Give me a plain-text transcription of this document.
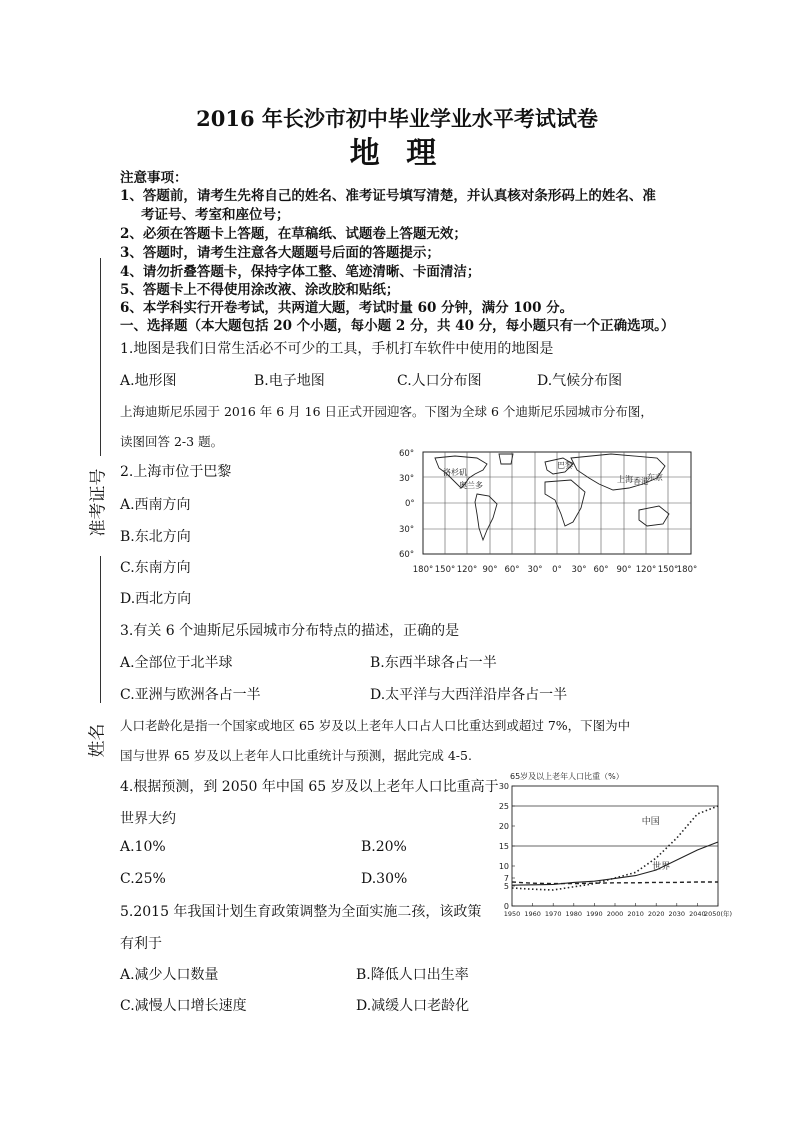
2016 年长沙市初中毕业学业水平考试试卷
地 理
准考证号
姓名
注意事项：
1、答题前，请考生先将自己的姓名、准考证号填写清楚，并认真核对条形码上的姓名、准
考证号、考室和座位号；
2、必须在答题卡上答题，在草稿纸、试题卷上答题无效；
3、答题时，请考生注意各大题题号后面的答题提示；
4、请勿折叠答题卡，保持字体工整、笔迹清晰、卡面清洁；
5、答题卡上不得使用涂改液、涂改胶和贴纸；
6、本学科实行开卷考试，共两道大题，考试时量 60 分钟，满分 100 分。
一、选择题（本大题包括 20 个小题，每小题 2 分，共 40 分，每小题只有一个正确选项。）
1.地图是我们日常生活必不可少的工具，手机打车软件中使用的地图是
A.地形图	B.电子地图	C.人口分布图	D.气候分布图
上海迪斯尼乐园于 2016 年 6 月 16 日正式开园迎客。下图为全球 6 个迪斯尼乐园城市分布图，
读图回答 2-3 题。
2.上海市位于巴黎
A.西南方向
B.东北方向
C.东南方向
D.西北方向
洛杉矶
奥兰多
巴黎
上海 东京
香港
60°
30°
0°
30°
60°
180° 150° 120° 90° 60° 30° 0° 30° 60° 90° 120° 150°
180°
3.有关 6 个迪斯尼乐园城市分布特点的描述，正确的是
A.全部位于北半球	B.东西半球各占一半
C.亚洲与欧洲各占一半	D.太平洋与大西洋沿岸各占一半
人口老龄化是指一个国家或地区 65 岁及以上老年人口占人口比重达到或超过 7%，下图为中
国与世界 65 岁及以上老年人口比重统计与预测，据此完成 4-5.
4.根据预测，到 2050 年中国 65 岁及以上老年人口比重高于
世界大约
A.10%	B.20%
C.25%	D.30%
5.2015 年我国计划生育政策调整为全面实施二孩，该政策
有利于
A.减少人口数量	B.降低人口出生率
C.减慢人口增长速度	D.减缓人口老龄化
65岁及以上老年人口比重（%）
0
5
7
10
15
20
25
30
1950 1960 1970 1980 1990 2000 2010 2020 2030 2040
2050(年)
中国
世界
